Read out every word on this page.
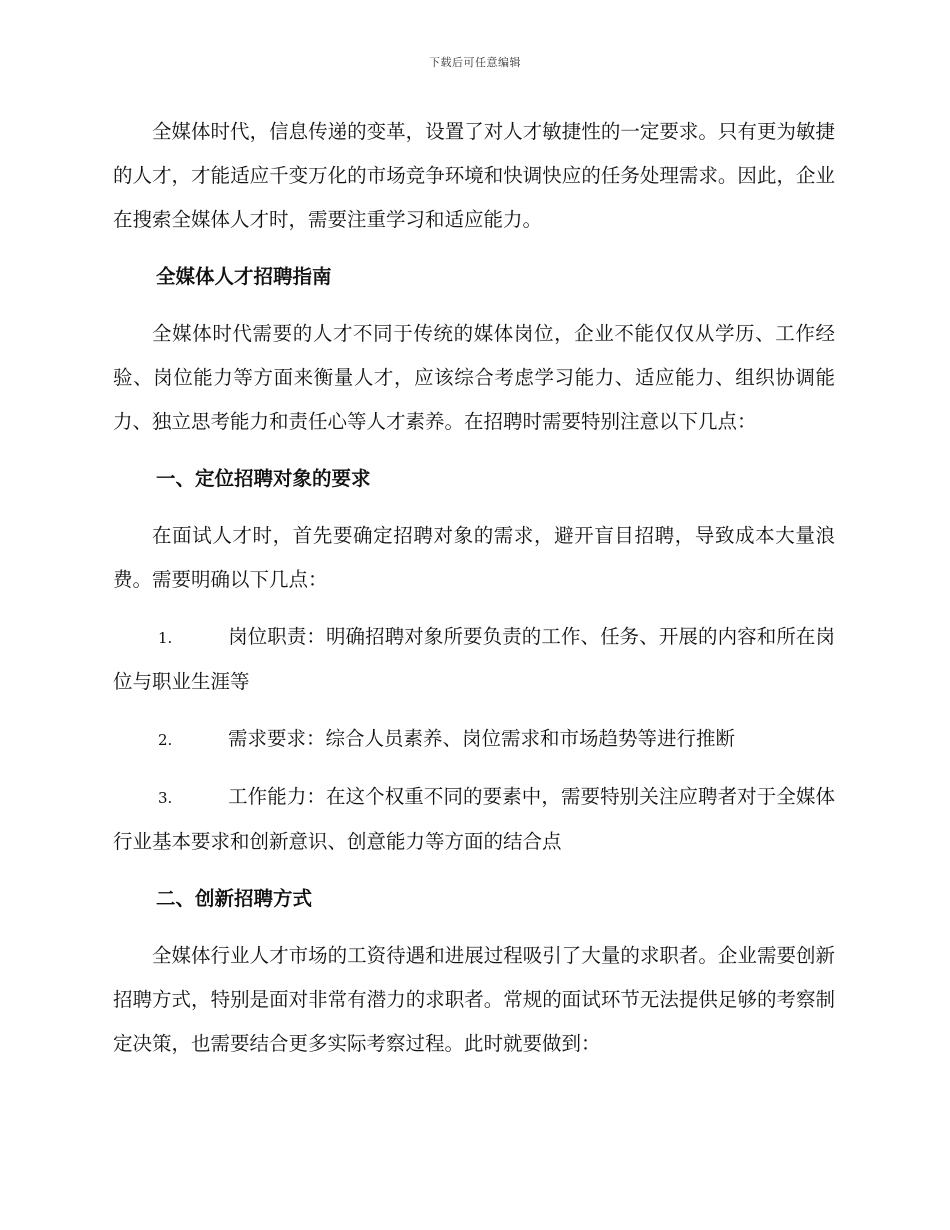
下载后可任意编辑

全媒体时代，信息传递的变革，设置了对人才敏捷性的一定要求。只有更为敏捷的人才，才能适应千变万化的市场竞争环境和快调快应的任务处理需求。因此，企业在搜索全媒体人才时，需要注重学习和适应能力。

全媒体人才招聘指南

全媒体时代需要的人才不同于传统的媒体岗位，企业不能仅仅从学历、工作经验、岗位能力等方面来衡量人才，应该综合考虑学习能力、适应能力、组织协调能力、独立思考能力和责任心等人才素养。在招聘时需要特别注意以下几点：

一、定位招聘对象的要求

在面试人才时，首先要确定招聘对象的需求，避开盲目招聘，导致成本大量浪费。需要明确以下几点：

1.	岗位职责：明确招聘对象所要负责的工作、任务、开展的内容和所在岗位与职业生涯等
2.	需求要求：综合人员素养、岗位需求和市场趋势等进行推断
3.	工作能力：在这个权重不同的要素中，需要特别关注应聘者对于全媒体行业基本要求和创新意识、创意能力等方面的结合点
二、创新招聘方式

全媒体行业人才市场的工资待遇和进展过程吸引了大量的求职者。企业需要创新招聘方式，特别是面对非常有潜力的求职者。常规的面试环节无法提供足够的考察制定决策，也需要结合更多实际考察过程。此时就要做到：
